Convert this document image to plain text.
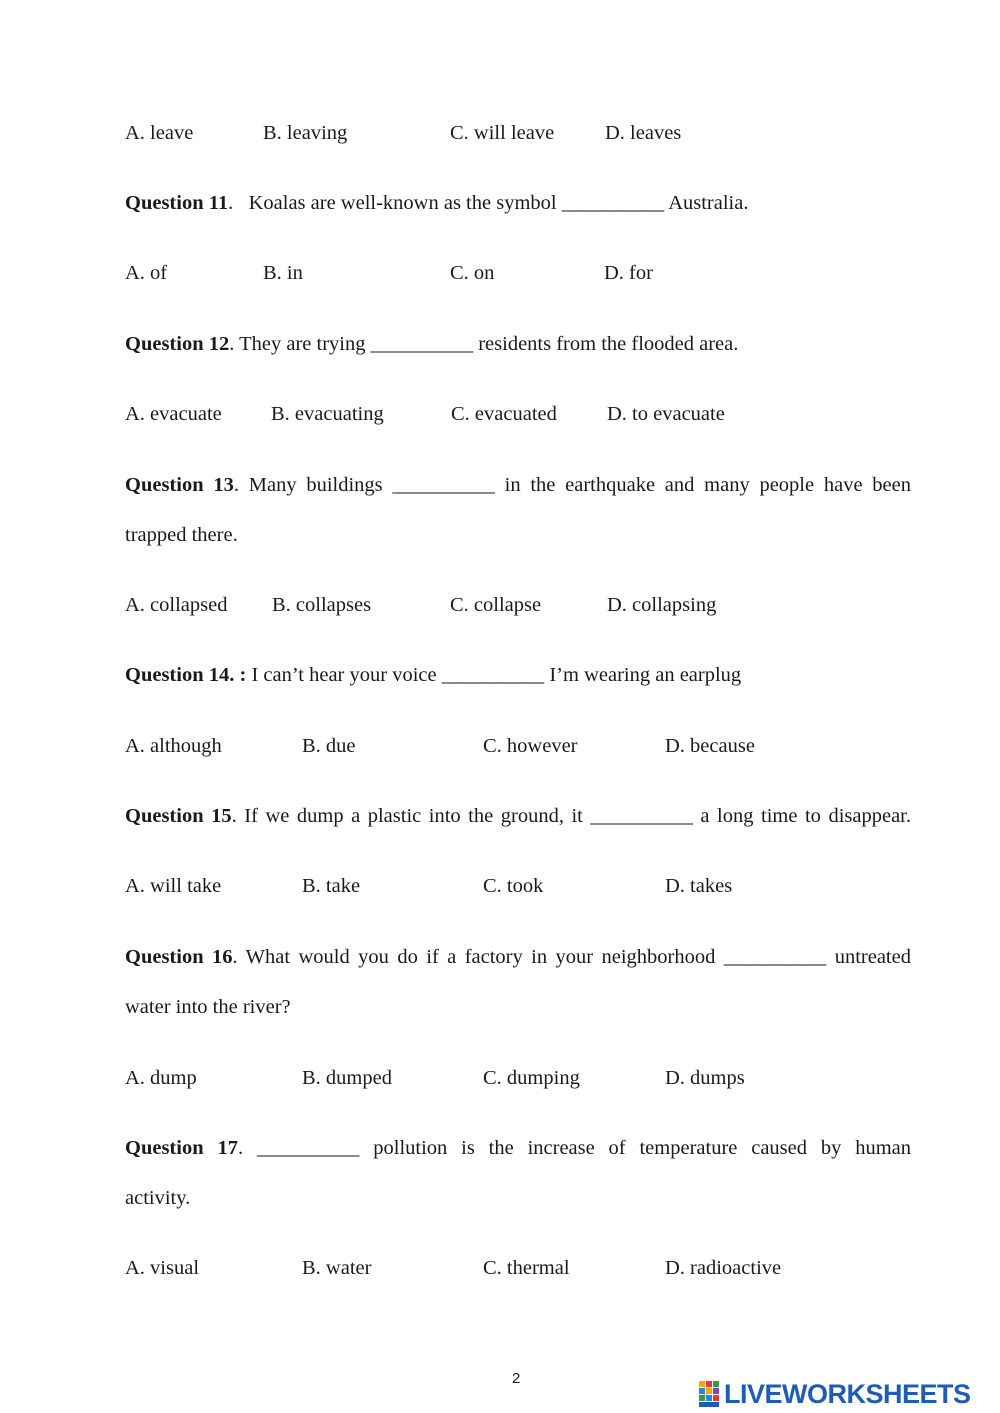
A. leave	B. leaving	C. will leave D. leaves
Question 11.   Koalas are well-known as the symbol __________ Australia.
A. of	B. in	C. on	D. for
Question 12. They are trying __________ residents from the flooded area.
A. evacuate B. evacuating	C. evacuated D. to evacuate
Question 13. Many buildings __________ in the earthquake and many people have been
trapped there.
A. collapsed B. collapses	C. collapse	D. collapsing
Question 14. : I can’t hear your voice __________ I’m wearing an earplug
A. although	B. due	C. however	D. because
Question 15. If we dump a plastic into the ground, it __________ a long time to disappear.
A. will take	B. take	C. took	D. takes
Question 16. What would you do if a factory in your neighborhood __________ untreated
water into the river?
A. dump	B. dumped	C. dumping	D. dumps
Question 17. __________ pollution is the increase of temperature caused by human
activity.
A. visual	B. water	C. thermal	D. radioactive
2	LIVEWORKSHEETS
